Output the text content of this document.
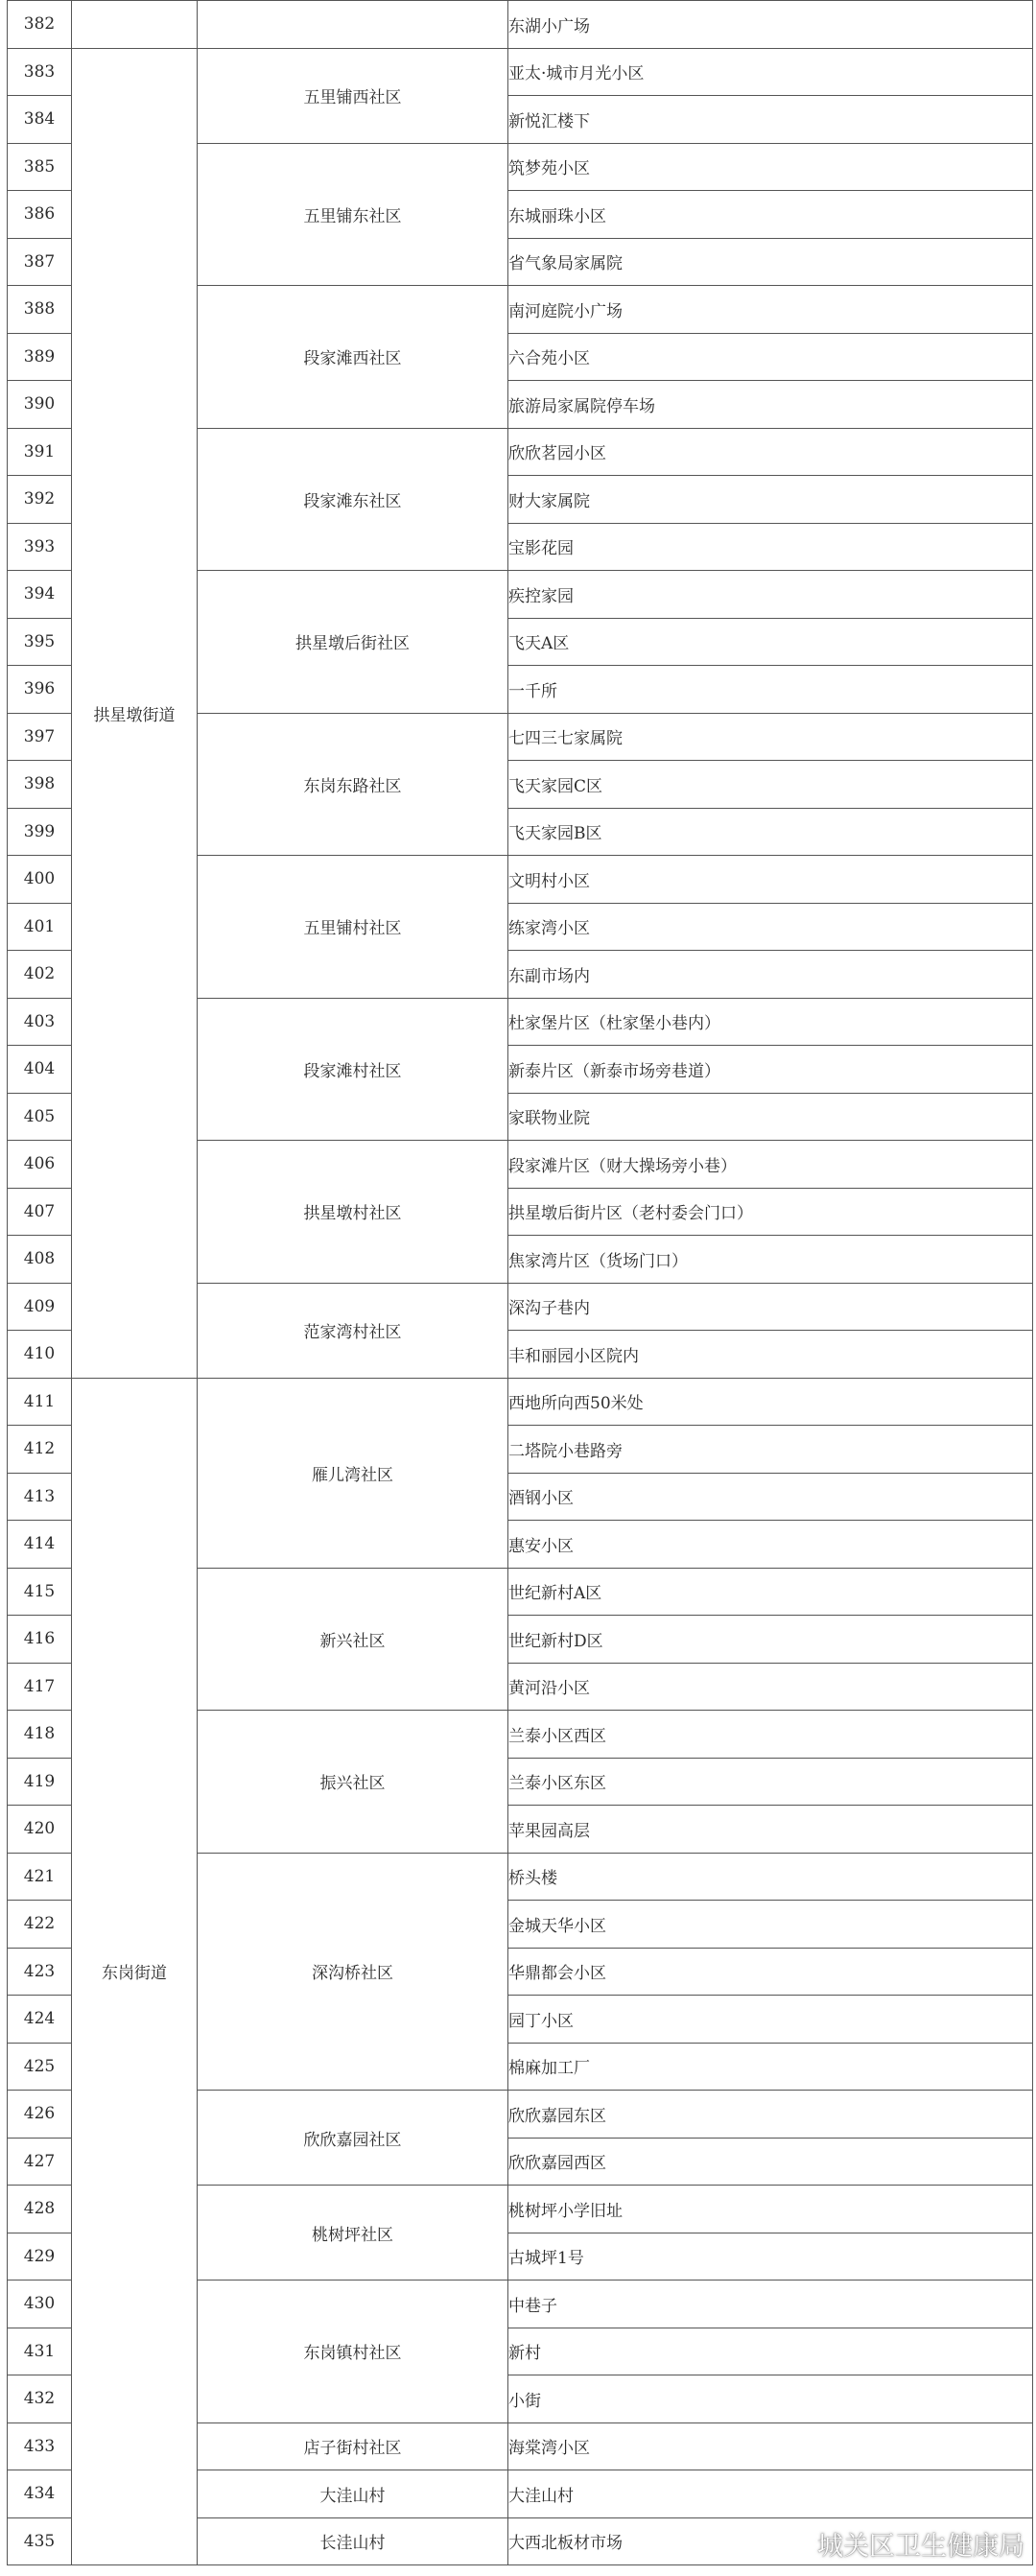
382			东湖小广场
383	拱星墩街道	五里铺西社区	亚太·城市月光小区
384			新悦汇楼下
385		五里铺东社区	筑梦苑小区
386			东城丽珠小区
387			省气象局家属院
388		段家滩西社区	南河庭院小广场
389			六合苑小区
390			旅游局家属院停车场
391		段家滩东社区	欣欣茗园小区
392			财大家属院
393			宝影花园
394		拱星墩后街社区	疾控家园
395			飞天A区
396			一千所
397		东岗东路社区	七四三七家属院
398			飞天家园C区
399			飞天家园B区
400		五里铺村社区	文明村小区
401			练家湾小区
402			东副市场内
403		段家滩村社区	杜家堡片区（杜家堡小巷内）
404			新泰片区（新泰市场旁巷道）
405			家联物业院
406		拱星墩村社区	段家滩片区（财大操场旁小巷）
407			拱星墩后街片区（老村委会门口）
408			焦家湾片区（货场门口）
409		范家湾村社区	深沟子巷内
410			丰和丽园小区院内
411	东岗街道	雁儿湾社区	西地所向西50米处
412			二塔院小巷路旁
413			酒钢小区
414			惠安小区
415		新兴社区	世纪新村A区
416			世纪新村D区
417			黄河沿小区
418		振兴社区	兰泰小区西区
419			兰泰小区东区
420			苹果园高层
421		深沟桥社区	桥头楼
422			金城天华小区
423			华鼎都会小区
424			园丁小区
425			棉麻加工厂
426		欣欣嘉园社区	欣欣嘉园东区
427			欣欣嘉园西区
428		桃树坪社区	桃树坪小学旧址
429			古城坪1号
430		东岗镇村社区	中巷子
431			新村
432			小街
433		店子街村社区	海棠湾小区
434		大洼山村	大洼山村
435		长洼山村	大西北板材市场	城关区卫生健康局
